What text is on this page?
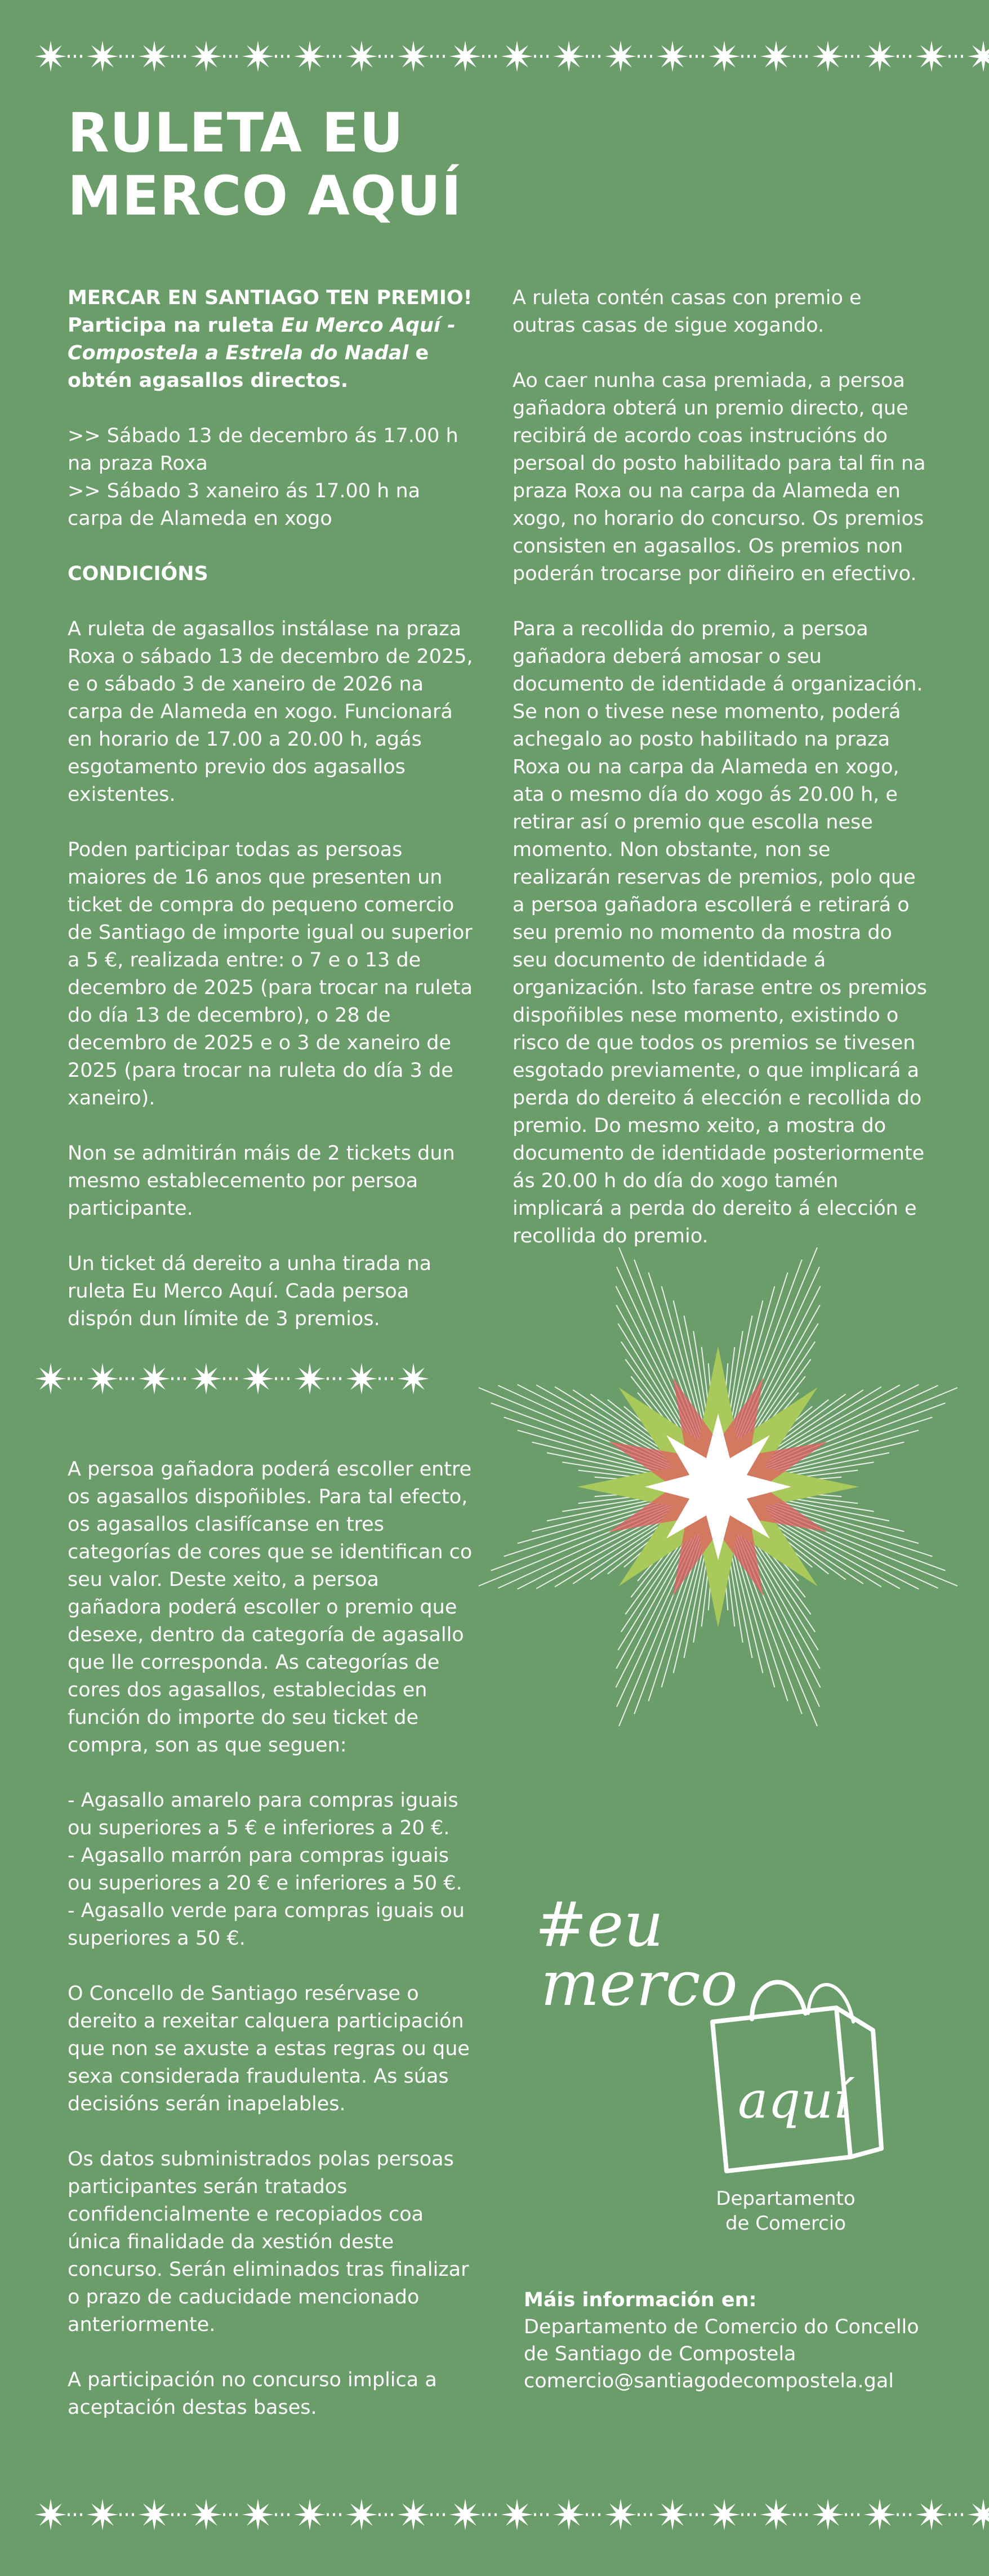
RULETA EU
MERCO AQUÍ

MERCAR EN SANTIAGO TEN PREMIO!

Participa na ruleta Eu Merco Aquí - Compostela a Estrela do Nadal e obtén agasallos directos.

>> Sábado 13 de decembro ás 17.00 h na praza Roxa

>> Sábado 3 xaneiro ás 17.00 h na carpa de Alameda en xogo

CONDICIÓNS

A ruleta de agasallos instálase na praza Roxa o sábado 13 de decembro de 2025, e o sábado 3 de xaneiro de 2026 na carpa de Alameda en xogo. Funcionará en horario de 17.00 a 20.00 h, agás esgotamento previo dos agasallos existentes.

Poden participar todas as persoas maiores de 16 anos que presenten un ticket de compra do pequeno comercio de Santiago de importe igual ou superior a 5 €, realizada entre: o 7 e o 13 de decembro de 2025 (para trocar na ruleta do día 13 de decembro), o 28 de decembro de 2025 e o 3 de xaneiro de 2025 (para trocar na ruleta do día 3 de xaneiro).

Non se admitirán máis de 2 tickets dun mesmo establecemento por persoa participante.

Un ticket dá dereito a unha tirada na ruleta Eu Merco Aquí. Cada persoa dispón dun límite de 3 premios.

A ruleta contén casas con premio e outras casas de sigue xogando.

Ao caer nunha casa premiada, a persoa gañadora obterá un premio directo, que recibirá de acordo coas instrucións do persoal do posto habilitado para tal fin na praza Roxa ou na carpa da Alameda en xogo, no horario do concurso. Os premios consisten en agasallos. Os premios non poderán trocarse por diñeiro en efectivo.

Para a recollida do premio, a persoa gañadora deberá amosar o seu documento de identidade á organización. Se non o tivese nese momento, poderá achegalo ao posto habilitado na praza Roxa ou na carpa da Alameda en xogo, ata o mesmo día do xogo ás 20.00 h, e retirar así o premio que escolla nese momento. Non obstante, non se realizarán reservas de premios, polo que a persoa gañadora escollerá e retirará o seu premio no momento da mostra do seu documento de identidade á organización. Isto farase entre os premios dispoñibles nese momento, existindo o risco de que todos os premios se tivesen esgotado previamente, o que implicará a perda do dereito á elección e recollida do premio. Do mesmo xeito, a mostra do documento de identidade posteriormente ás 20.00 h do día do xogo tamén implicará a perda do dereito á elección e recollida do premio.

A persoa gañadora poderá escoller entre os agasallos dispoñibles. Para tal efecto, os agasallos clasifícanse en tres categorías de cores que se identifican co seu valor. Deste xeito, a persoa gañadora poderá escoller o premio que desexe, dentro da categoría de agasallo que lle corresponda. As categorías de cores dos agasallos, establecidas en función do importe do seu ticket de compra, son as que seguen:

- Agasallo amarelo para compras iguais ou superiores a 5 € e inferiores a 20 €.

- Agasallo marrón para compras iguais ou superiores a 20 € e inferiores a 50 €.

- Agasallo verde para compras iguais ou superiores a 50 €.

O Concello de Santiago resérvase o dereito a rexeitar calquera participación que non se axuste a estas regras ou que sexa considerada fraudulenta. As súas decisións serán inapelables.

Os datos subministrados polas persoas participantes serán tratados confidencialmente e recopiados coa única finalidade da xestión deste concurso. Serán eliminados tras finalizar o prazo de caducidade mencionado anteriormente.

A participación no concurso implica a aceptación destas bases.

#eu
merco
aquí
Departamento
de Comercio
Máis información en:
Departamento de Comercio do Concello
de Santiago de Compostela
comercio@santiagodecompostela.gal
